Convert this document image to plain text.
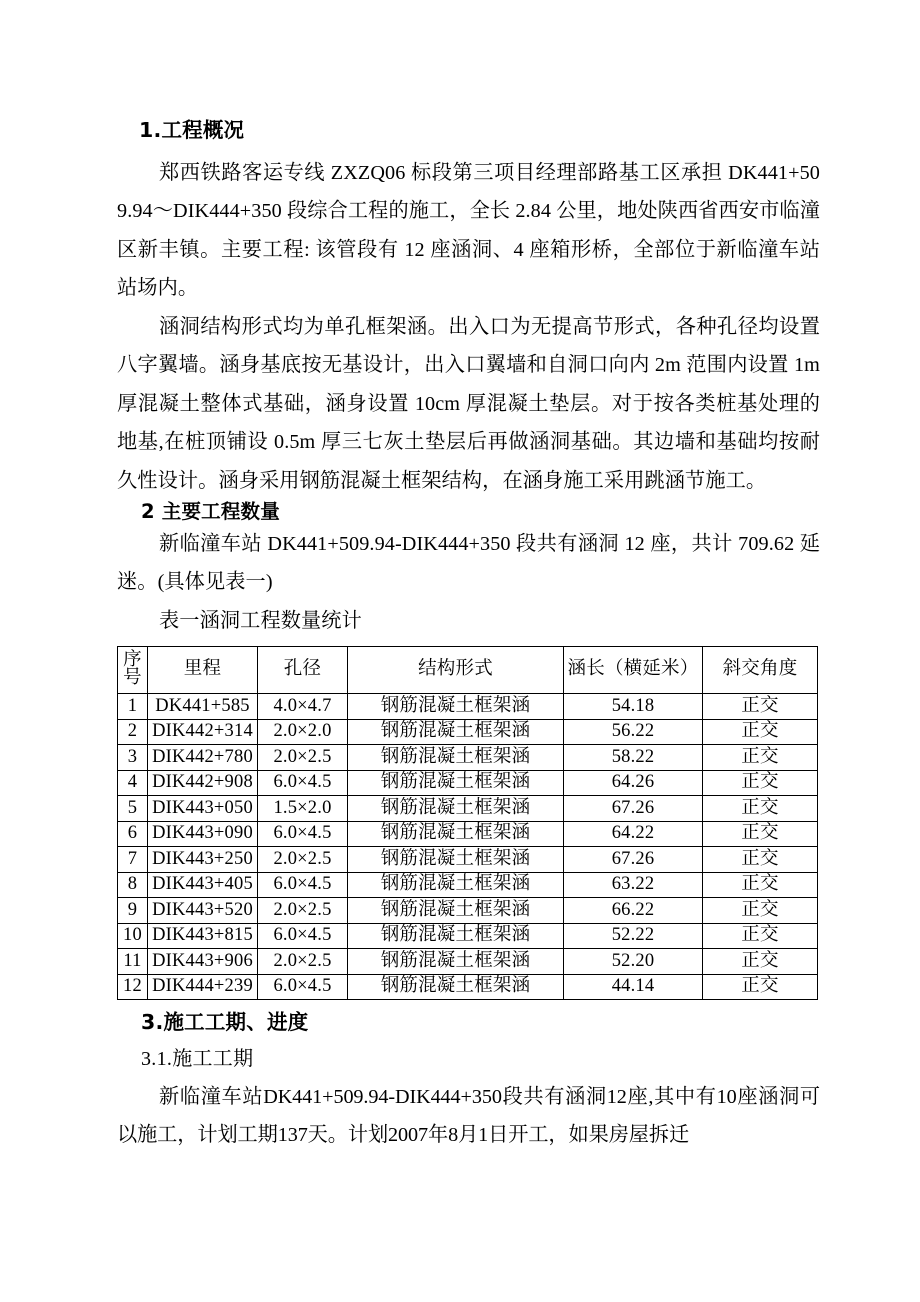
1.工程概况

郑西铁路客运专线 ZXZQ06 标段第三项目经理部路基工区承担 DK441+509.94～DIK444+350 段综合工程的施工，全长 2.84 公里，地处陕西省西安市临潼区新丰镇。主要工程: 该管段有 12 座涵洞、4 座箱形桥，全部位于新临潼车站站场内。

涵洞结构形式均为单孔框架涵。出入口为无提高节形式，各种孔径均设置八字翼墙。涵身基底按无基设计，出入口翼墙和自洞口向内 2m 范围内设置 1m 厚混凝土整体式基础，涵身设置 10cm 厚混凝土垫层。对于按各类桩基处理的地基,在桩顶铺设 0.5m 厚三七灰土垫层后再做涵洞基础。其边墙和基础均按耐久性设计。涵身采用钢筋混凝土框架结构，在涵身施工采用跳涵节施工。

2 主要工程数量

新临潼车站 DK441+509.94-DIK444+350 段共有涵洞 12 座，共计 709.62 延迷。(具体见表一)

表一涵洞工程数量统计

序
号	里程	孔径	结构形式	涵长（横延米）	斜交角度
1	DK441+585	4.0×4.7	钢筋混凝土框架涵	54.18	正交
2	DIK442+314	2.0×2.0	钢筋混凝土框架涵	56.22	正交
3	DIK442+780	2.0×2.5	钢筋混凝土框架涵	58.22	正交
4	DIK442+908	6.0×4.5	钢筋混凝土框架涵	64.26	正交
5	DIK443+050	1.5×2.0	钢筋混凝土框架涵	67.26	正交
6	DIK443+090	6.0×4.5	钢筋混凝土框架涵	64.22	正交
7	DIK443+250	2.0×2.5	钢筋混凝土框架涵	67.26	正交
8	DIK443+405	6.0×4.5	钢筋混凝土框架涵	63.22	正交
9	DIK443+520	2.0×2.5	钢筋混凝土框架涵	66.22	正交
10	DIK443+815	6.0×4.5	钢筋混凝土框架涵	52.22	正交
11	DIK443+906	2.0×2.5	钢筋混凝土框架涵	52.20	正交
12	DIK444+239	6.0×4.5	钢筋混凝土框架涵	44.14	正交
3.施工工期、进度

3.1.施工工期

新临潼车站DK441+509.94-DIK444+350段共有涵洞12座,其中有10座涵洞可以施工，计划工期137天。计划2007年8月1日开工，如果房屋拆迁
